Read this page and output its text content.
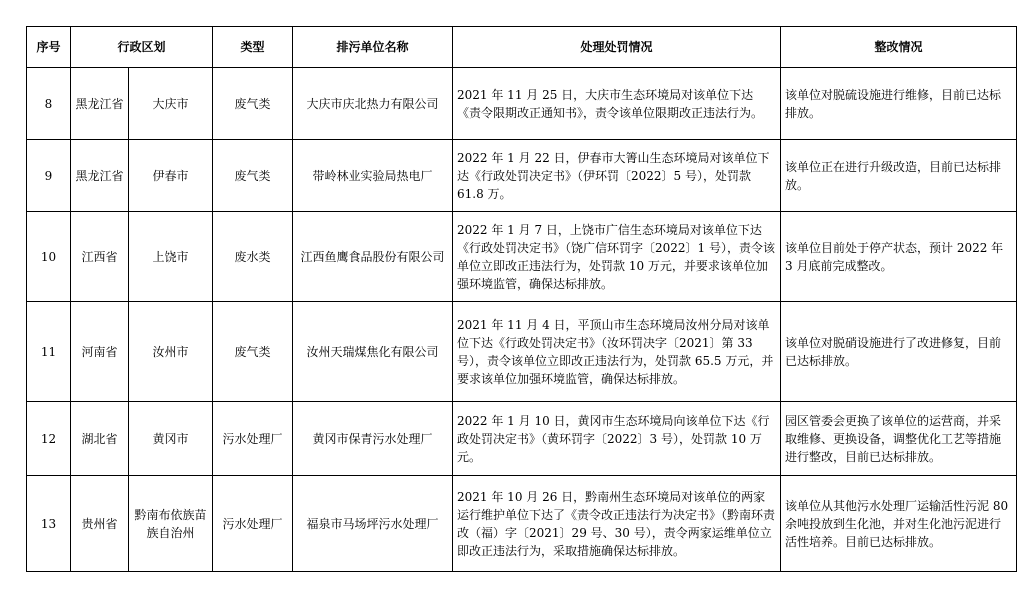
序号	行政区划		类型	排污单位名称	处理处罚情况	整改情况
8	黑龙江省	大庆市	废气类	大庆市庆北热力有限公司	2021 年 11 月 25 日，大庆市生态环境局对该单位下达《责令限期改正通知书》，责令该单位限期改正违法行为。	该单位对脱硫设施进行维修，目前已达标排放。
9	黑龙江省	伊春市	废气类	带岭林业实验局热电厂	2022 年 1 月 22 日，伊春市大箐山生态环境局对该单位下达《行政处罚决定书》（伊环罚〔2022〕5 号），处罚款 61.8 万。	该单位正在进行升级改造，目前已达标排放。
10	江西省	上饶市	废水类	江西鱼鹰食品股份有限公司	2022 年 1 月 7 日，上饶市广信生态环境局对该单位下达《行政处罚决定书》（饶广信环罚字〔2022〕1 号），责令该单位立即改正违法行为，处罚款 10 万元，并要求该单位加强环境监管，确保达标排放。	该单位目前处于停产状态，预计 2022 年 3 月底前完成整改。
11	河南省	汝州市	废气类	汝州天瑞煤焦化有限公司	2021 年 11 月 4 日，平顶山市生态环境局汝州分局对该单位下达《行政处罚决定书》（汝环罚决字〔2021〕第 33 号），责令该单位立即改正违法行为，处罚款 65.5 万元，并要求该单位加强环境监管，确保达标排放。	该单位对脱硝设施进行了改进修复，目前已达标排放。
12	湖北省	黄冈市	污水处理厂	黄冈市保青污水处理厂	2022 年 1 月 10 日，黄冈市生态环境局向该单位下达《行政处罚决定书》（黄环罚字〔2022〕3 号），处罚款 10 万元。	园区管委会更换了该单位的运营商，并采取维修、更换设备，调整优化工艺等措施进行整改，目前已达标排放。
13	贵州省	黔南布依族苗族自治州	污水处理厂	福泉市马场坪污水处理厂	2021 年 10 月 26 日，黔南州生态环境局对该单位的两家运行维护单位下达了《责令改正违法行为决定书》（黔南环责改（福）字〔2021〕29 号、30 号），责令两家运维单位立即改正违法行为，采取措施确保达标排放。	该单位从其他污水处理厂运输活性污泥 80 余吨投放到生化池，并对生化池污泥进行活性培养。目前已达标排放。
